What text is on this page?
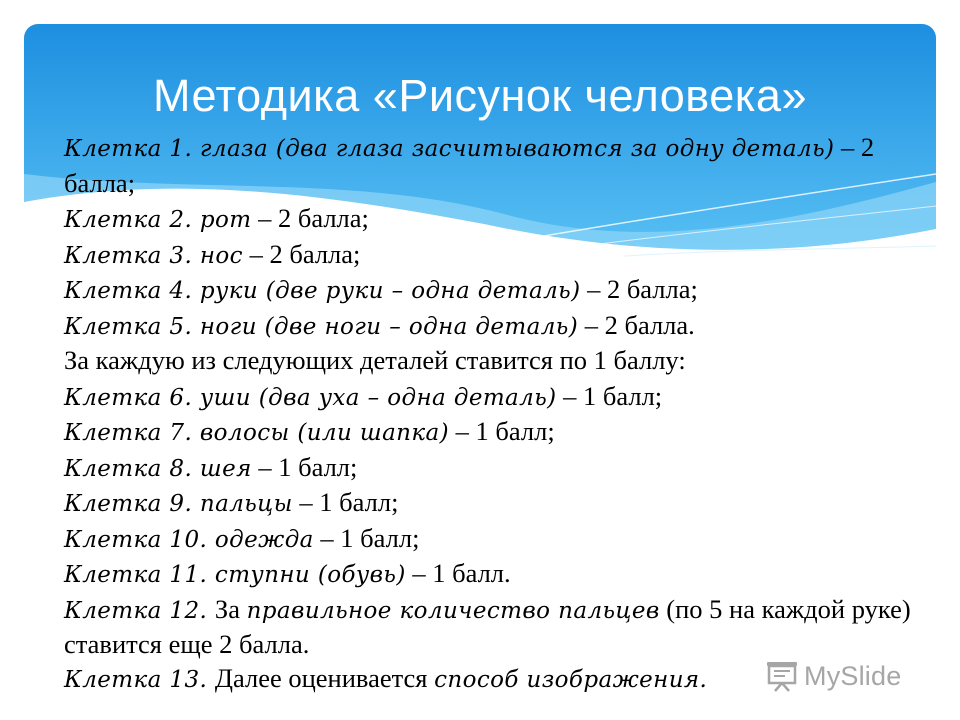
Методика «Рисунок человека»
Клетка 1. глаза (два глаза засчитываются за одну деталь) – 2
балла;
Клетка 2. рот – 2 балла;
Клетка 3. нос – 2 балла;
Клетка 4. руки (две руки – одна деталь) – 2 балла;
Клетка 5. ноги (две ноги – одна деталь) – 2 балла.
За каждую из следующих деталей ставится по 1 баллу:
Клетка 6. уши (два уха – одна деталь) – 1 балл;
Клетка 7. волосы (или шапка) – 1 балл;
Клетка 8. шея – 1 балл;
Клетка 9. пальцы – 1 балл;
Клетка 10. одежда – 1 балл;
Клетка 11. ступни (обувь) – 1 балл.
Клетка 12. За правильное количество пальцев (по 5 на каждой руке)
ставится еще 2 балла.
Клетка 13. Далее оценивается способ изображения.	MySlide
